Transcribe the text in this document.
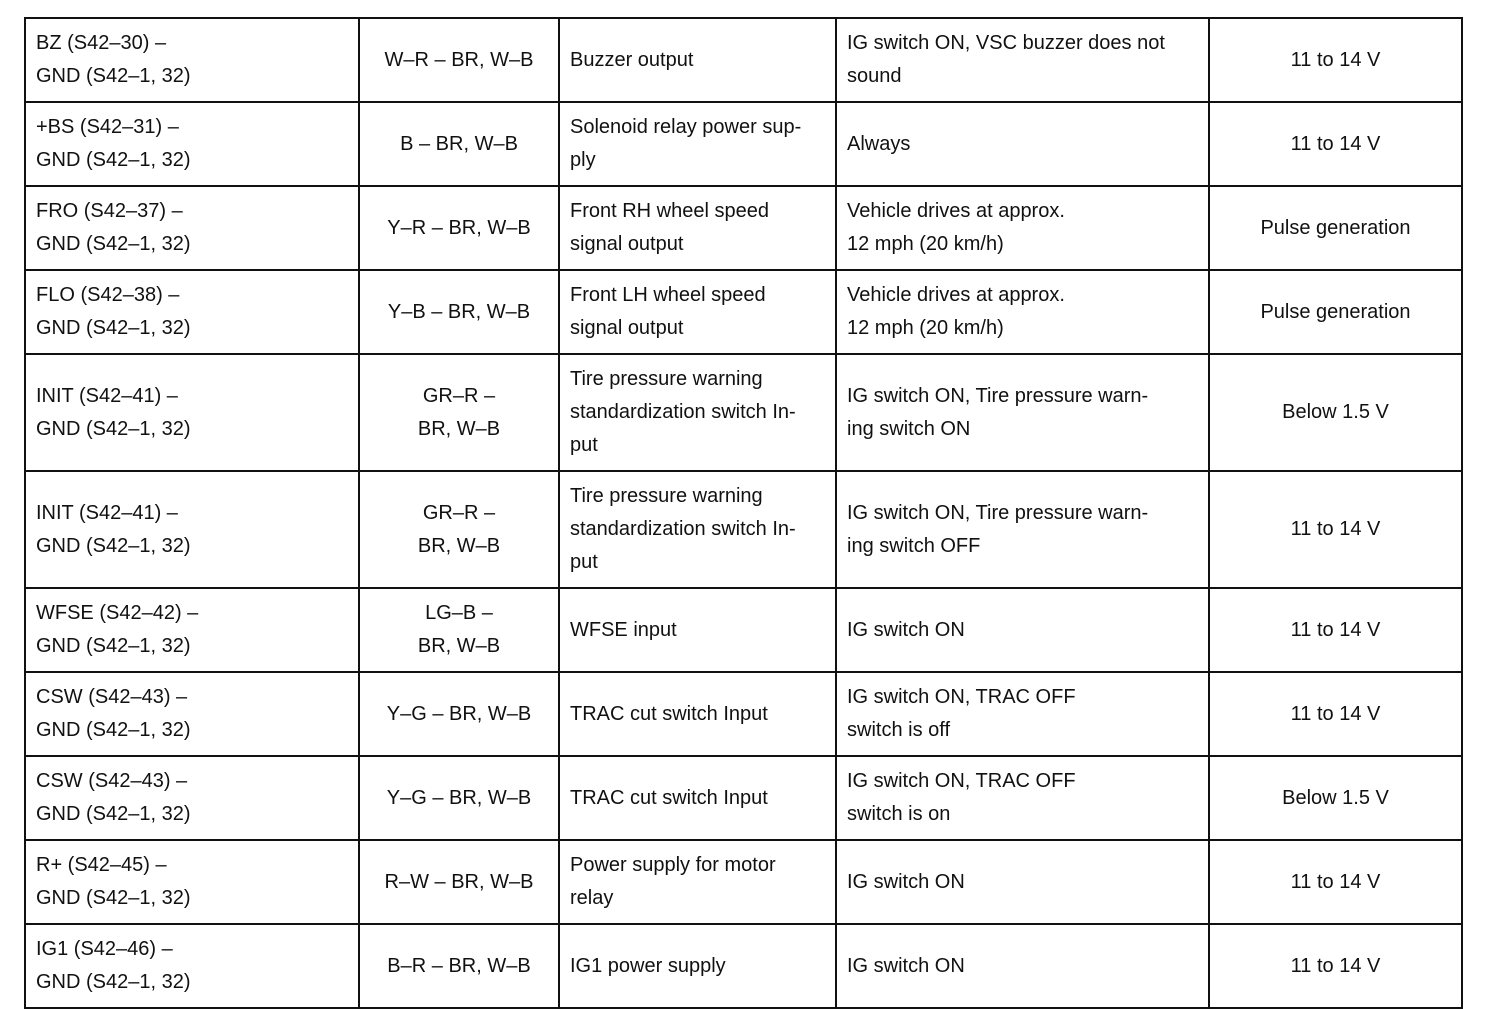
BZ (S42–30) –
GND (S42–1, 32)	W–R – BR, W–B	Buzzer output	IG switch ON, VSC buzzer does not
sound	11 to 14 V

+BS (S42–31) –
GND (S42–1, 32)	B – BR, W–B	Solenoid relay power sup-
ply	Always	11 to 14 V

FRO (S42–37) –
GND (S42–1, 32)	Y–R – BR, W–B	Front RH wheel speed
signal output	Vehicle drives at approx.
12 mph (20 km/h)	Pulse generation

FLO (S42–38) –
GND (S42–1, 32)	Y–B – BR, W–B	Front LH wheel speed
signal output	Vehicle drives at approx.
12 mph (20 km/h)	Pulse generation

INIT (S42–41) –
GND (S42–1, 32)	GR–R –
BR, W–B	Tire pressure warning
standardization switch In-
put	IG switch ON, Tire pressure warn-
ing switch ON	Below 1.5 V

INIT (S42–41) –
GND (S42–1, 32)	GR–R –
BR, W–B	Tire pressure warning
standardization switch In-
put	IG switch ON, Tire pressure warn-
ing switch OFF	11 to 14 V

WFSE (S42–42) –
GND (S42–1, 32)	LG–B –
BR, W–B	WFSE input	IG switch ON	11 to 14 V

CSW (S42–43) –
GND (S42–1, 32)	Y–G – BR, W–B	TRAC cut switch Input	IG switch ON, TRAC OFF
switch is off	11 to 14 V

CSW (S42–43) –
GND (S42–1, 32)	Y–G – BR, W–B	TRAC cut switch Input	IG switch ON, TRAC OFF
switch is on	Below 1.5 V

R+ (S42–45) –
GND (S42–1, 32)	R–W – BR, W–B	Power supply for motor
relay	IG switch ON	11 to 14 V

IG1 (S42–46) –
GND (S42–1, 32)	B–R – BR, W–B	IG1 power supply	IG switch ON	11 to 14 V
